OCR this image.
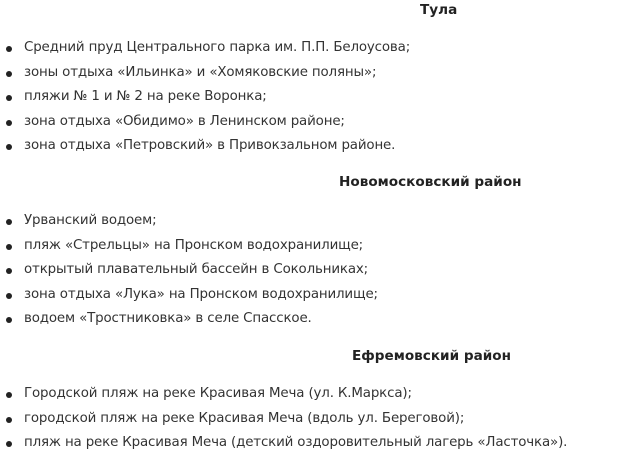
Тула
Средний пруд Центрального парка им. П.П. Белоусова;
зоны отдыха «Ильинка» и «Хомяковские поляны»;
пляжи № 1 и № 2 на реке Воронка;
зона отдыха «Обидимо» в Ленинском районе;
зона отдыха «Петровский» в Привокзальном районе.
Новомосковский район
Урванский водоем;
пляж «Стрельцы» на Пронском водохранилище;
открытый плавательный бассейн в Сокольниках;
зона отдыха «Лука» на Пронском водохранилище;
водоем «Тростниковка» в селе Спасское.
Ефремовский район
Городской пляж на реке Красивая Меча (ул. К.Маркса);
городской пляж на реке Красивая Меча (вдоль ул. Береговой);
пляж на реке Красивая Меча (детский оздоровительный лагерь «Ласточка»).
